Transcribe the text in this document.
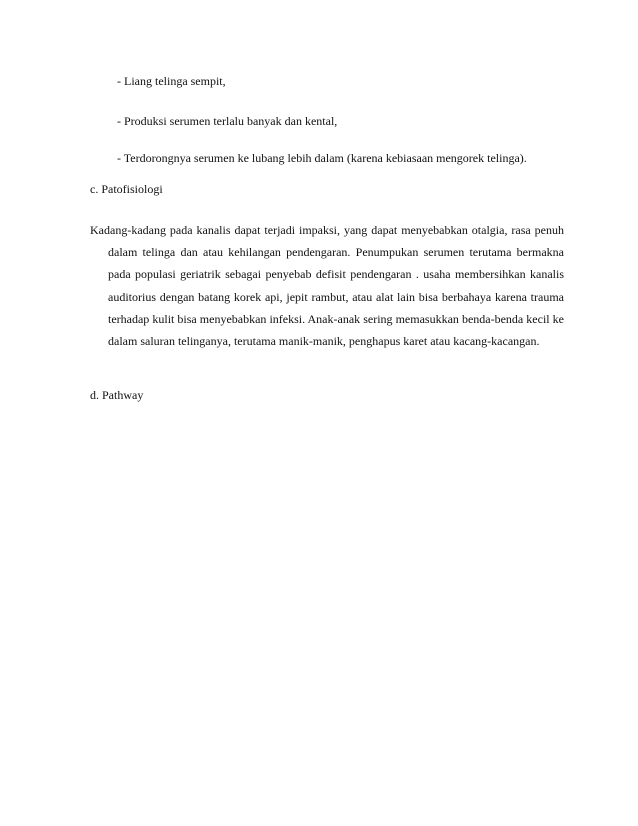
- Liang telinga sempit,
- Produksi serumen terlalu banyak dan kental,
- Terdorongnya serumen ke lubang lebih dalam (karena kebiasaan mengorek telinga).
c. Patofisiologi
Kadang-kadang pada kanalis dapat terjadi impaksi, yang dapat menyebabkan otalgia, rasa penuh dalam telinga dan atau kehilangan pendengaran. Penumpukan serumen terutama bermakna pada populasi geriatrik sebagai penyebab defisit pendengaran . usaha membersihkan kanalis auditorius dengan batang korek api, jepit rambut, atau alat lain bisa berbahaya karena trauma terhadap kulit bisa menyebabkan infeksi. Anak-anak sering memasukkan benda-benda kecil ke dalam saluran telinganya, terutama manik-manik, penghapus karet atau kacang-kacangan.
d. Pathway
